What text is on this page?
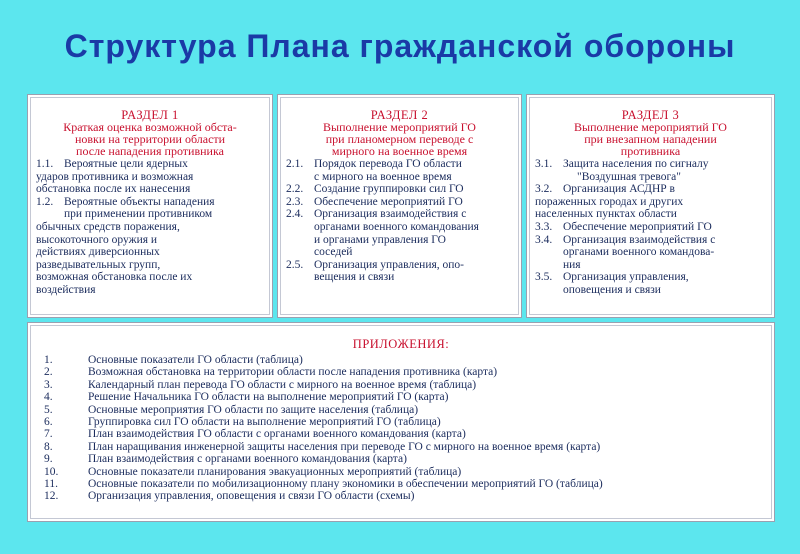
Структура Плана гражданской обороны
РАЗДЕЛ 1
Краткая оценка возможной обстa-
новки на территории области
после нападения противника
1.1. Вероятные цели ядерных
ударов противника и возможная
обстановка после их нанесения
1.2. Вероятные объекты нападения
при применении противником
обычных средств поражения,
высокоточного оружия и
действиях диверсионных
разведывательных групп,
возможная обстановка после их
воздействия
РАЗДЕЛ 2
Выполнение мероприятий ГО
при планомерном переводе с
мирного на военное время
2.1. Порядок перевода ГО области
с мирного на военное время
2.2. Создание группировки сил ГО
2.3. Обеспечение мероприятий ГО
2.4. Организация взаимодействия с
органами военного командования
и органами управления ГО
соседей
2.5. Организация управления, опо-
вещения и связи
РАЗДЕЛ 3
Выполнение мероприятий ГО
при внезапном нападении
противника
3.1. Защита населения по сигналу
"Воздушная тревога"
3.2. Организация АСДНР в
пораженных городах и других
населенных пунктах области
3.3. Обеспечение мероприятий ГО
3.4. Организация взаимодействия с
органами военного командова-
ния
3.5. Организация управления,
оповещения и связи
ПРИЛОЖЕНИЯ:
1.	Основные показатели ГО области (таблица)
2.	Возможная обстановка на территории области после нападения противника (карта)
3.	Календарный план перевода ГО области с мирного на военное время (таблица)
4.	Решение Начальника ГО области на выполнение мероприятий ГО (карта)
5.	Основные мероприятия ГО области по защите населения (таблица)
6.	Группировка сил ГО области на выполнение мероприятий ГО (таблица)
7.	План взаимодействия ГО области с органами военного командования (карта)
8.	План наращивания инженерной защиты населения при переводе ГО с мирного на военное время (карта)
9.	План взаимодействия с органами военного командования (карта)
10.	Основные показатели планирования эвакуационных мероприятий (таблица)
11.	Основные показатели по мобилизационному плану экономики в обеспечении мероприятий ГО (таблица)
12.	Организация управления, оповещения и связи ГО области (схемы)
